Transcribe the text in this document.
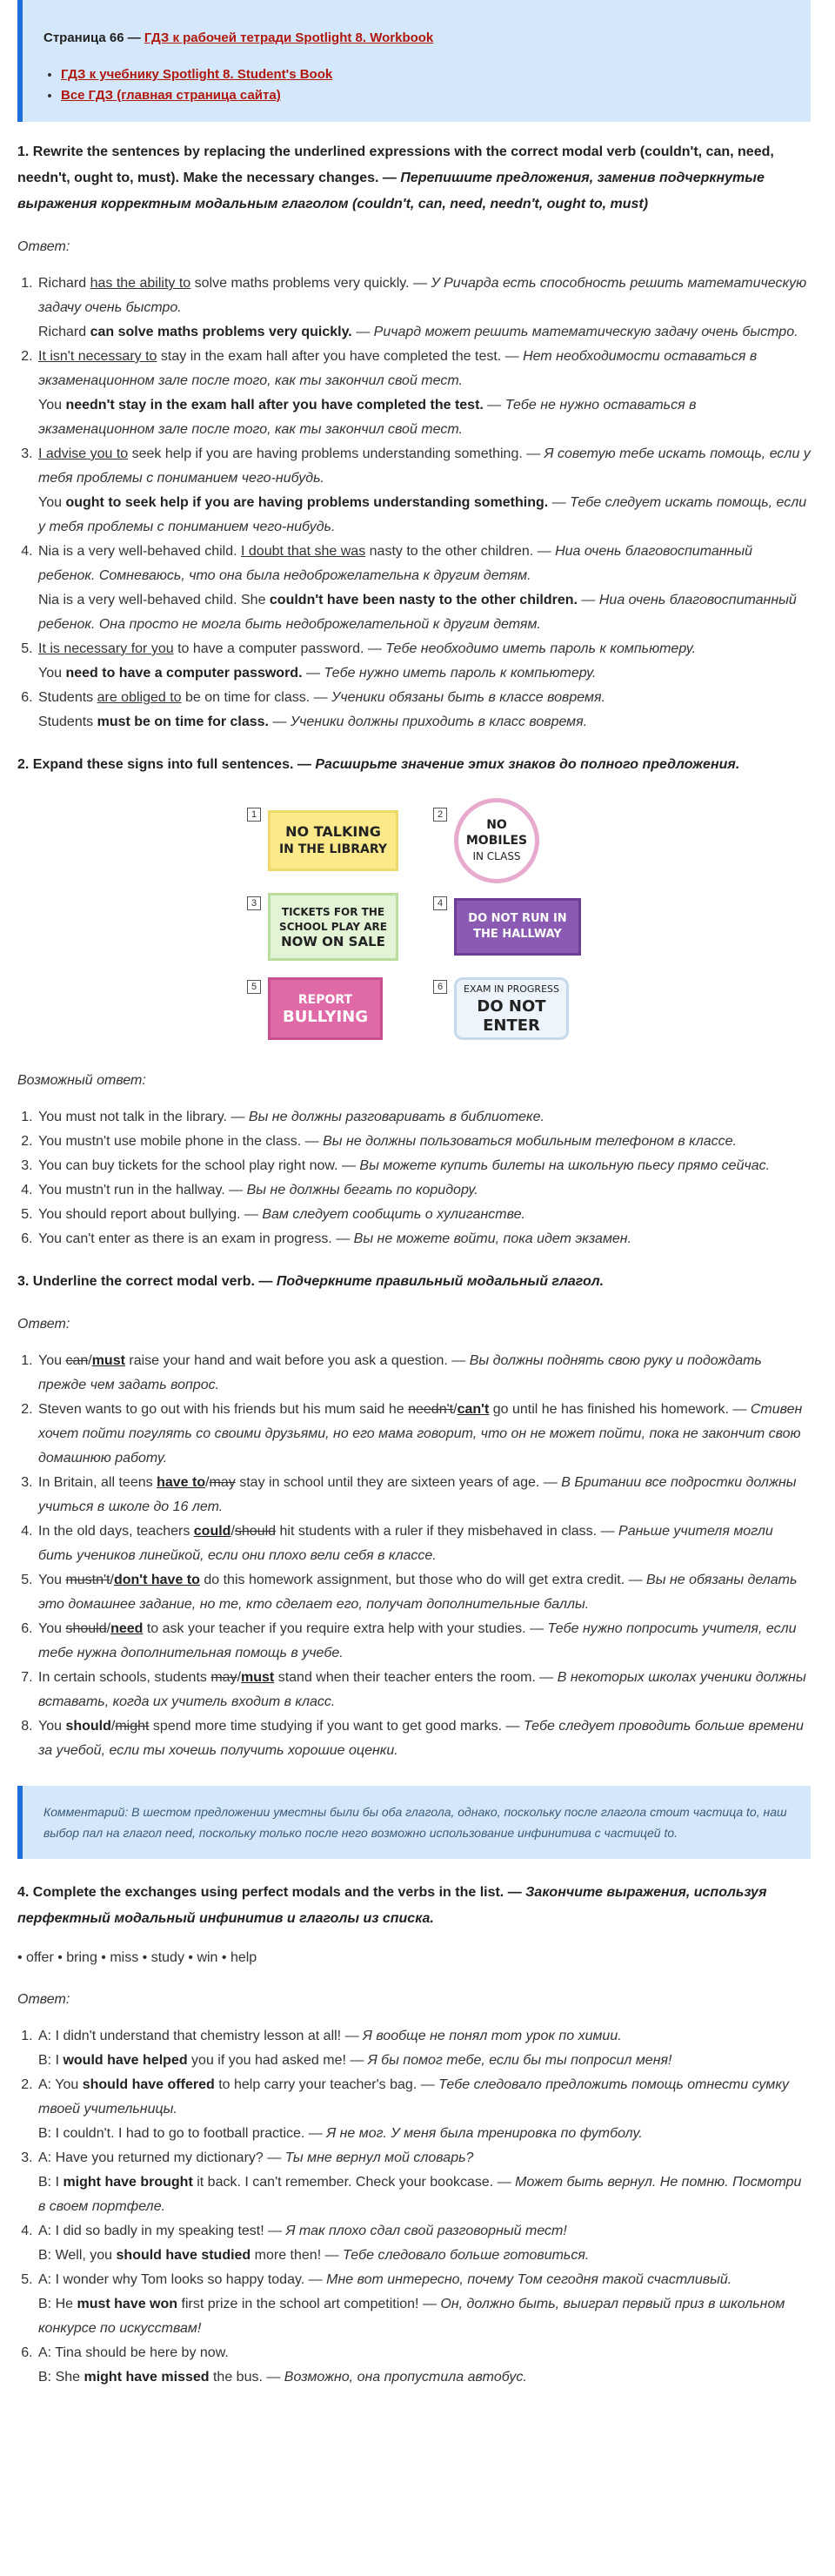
Страница 66 — ГДЗ к рабочей тетради Spotlight 8. Workbook
• ГДЗ к учебнику Spotlight 8. Student's Book
• Все ГДЗ (главная страница сайта)
1. Rewrite the sentences by replacing the underlined expressions with the correct modal verb (couldn't, can, need, needn't, ought to, must). Make the necessary changes. — Перепишите предложения, заменив подчеркнутые выражения корректным модальным глаголом (couldn't, can, need, needn't, ought to, must)
Ответ:
1. Richard has the ability to solve maths problems very quickly. — У Ричарда есть способность решить математическую задачу очень быстро.
Richard can solve maths problems very quickly. — Ричард может решить математическую задачу очень быстро.
2. It isn't necessary to stay in the exam hall after you have completed the test. — Нет необходимости оставаться в экзаменационном зале после того, как ты закончил свой тест.
You needn't stay in the exam hall after you have completed the test. — Тебе не нужно оставаться в экзаменационном зале после того, как ты закончил свой тест.
3. I advise you to seek help if you are having problems understanding something. — Я советую тебе искать помощь, если у тебя проблемы с пониманием чего-нибудь.
You ought to seek help if you are having problems understanding something. — Тебе следует искать помощь, если у тебя проблемы с пониманием чего-нибудь.
4. Nia is a very well-behaved child. I doubt that she was nasty to the other children. — Ниа очень благовоспитанный ребенок. Сомневаюсь, что она была недоброжелательна к другим детям.
Nia is a very well-behaved child. She couldn't have been nasty to the other children. — Ниа очень благовоспитанный ребенок. Она просто не могла быть недоброжелательной к другим детям.
5. It is necessary for you to have a computer password. — Тебе необходимо иметь пароль к компьютеру.
You need to have a computer password. — Тебе нужно иметь пароль к компьютеру.
6. Students are obliged to be on time for class. — Ученики обязаны быть в классе вовремя.
Students must be on time for class. — Ученики должны приходить в класс вовремя.
2. Expand these signs into full sentences. — Расширьте значение этих знаков до полного предложения.
1
NO TALKING
IN THE LIBRARY
2
NO
MOBILES
IN CLASS
3
TICKETS FOR THE
SCHOOL PLAY ARE
NOW ON SALE
4
DO NOT RUN IN
THE HALLWAY
5
REPORT
BULLYING
6	EXAM IN PROGRESS
DO NOT
ENTER
Возможный ответ:
1. You must not talk in the library. — Вы не должны разговаривать в библиотеке.
2. You mustn't use mobile phone in the class. — Вы не должны пользоваться мобильным телефоном в классе.
3. You can buy tickets for the school play right now. — Вы можете купить билеты на школьную пьесу прямо сейчас.
4. You mustn't run in the hallway. — Вы не должны бегать по коридору.
5. You should report about bullying. — Вам следует сообщить о хулиганстве.
6. You can't enter as there is an exam in progress. — Вы не можете войти, пока идет экзамен.
3. Underline the correct modal verb. — Подчеркните правильный модальный глагол.
Ответ:
1. You can/must raise your hand and wait before you ask a question. — Вы должны поднять свою руку и подождать прежде чем задать вопрос.
2. Steven wants to go out with his friends but his mum said he needn't/can't go until he has finished his homework. — Стивен хочет пойти погулять со своими друзьями, но его мама говорит, что он не может пойти, пока не закончит свою домашнюю работу.
3. In Britain, all teens have to/may stay in school until they are sixteen years of age. — В Британии все подростки должны учиться в школе до 16 лет.
4. In the old days, teachers could/should hit students with a ruler if they misbehaved in class. — Раньше учителя могли бить учеников линейкой, если они плохо вели себя в классе.
5. You mustn't/don't have to do this homework assignment, but those who do will get extra credit. — Вы не обязаны делать это домашнее задание, но те, кто сделает его, получат дополнительные баллы.
6. You should/need to ask your teacher if you require extra help with your studies. — Тебе нужно попросить учителя, если тебе нужна дополнительная помощь в учебе.
7. In certain schools, students may/must stand when their teacher enters the room. — В некоторых школах ученики должны вставать, когда их учитель входит в класс.
8. You should/might spend more time studying if you want to get good marks. — Тебе следует проводить больше времени за учебой, если ты хочешь получить хорошие оценки.
Комментарий: В шестом предложении уместны были бы оба глагола, однако, поскольку после глагола стоит частица to, наш выбор пал на глагол need, поскольку только после него возможно использование инфинитива с частицей to.
4. Complete the exchanges using perfect modals and the verbs in the list. — Закончите выражения, используя перфектный модальный инфинитив и глаголы из списка.
• offer • bring • miss • study • win • help
Ответ:
1. A: I didn't understand that chemistry lesson at all! — Я вообще не понял тот урок по химии.
B: I would have helped you if you had asked me! — Я бы помог тебе, если бы ты попросил меня!
2. A: You should have offered to help carry your teacher's bag. — Тебе следовало предложить помощь отнести сумку твоей учительницы.
B: I couldn't. I had to go to football practice. — Я не мог. У меня была тренировка по футболу.
3. A: Have you returned my dictionary? — Ты мне вернул мой словарь?
B: I might have brought it back. I can't remember. Check your bookcase. — Может быть вернул. Не помню. Посмотри в своем портфеле.
4. A: I did so badly in my speaking test! — Я так плохо сдал свой разговорный тест!
B: Well, you should have studied more then! — Тебе следовало больше готовиться.
5. A: I wonder why Tom looks so happy today. — Мне вот интересно, почему Том сегодня такой счастливый.
B: He must have won first prize in the school art competition! — Он, должно быть, выиграл первый приз в школьном конкурсе по искусствам!
6. A: Tina should be here by now.
B: She might have missed the bus. — Возможно, она пропустила автобус.
